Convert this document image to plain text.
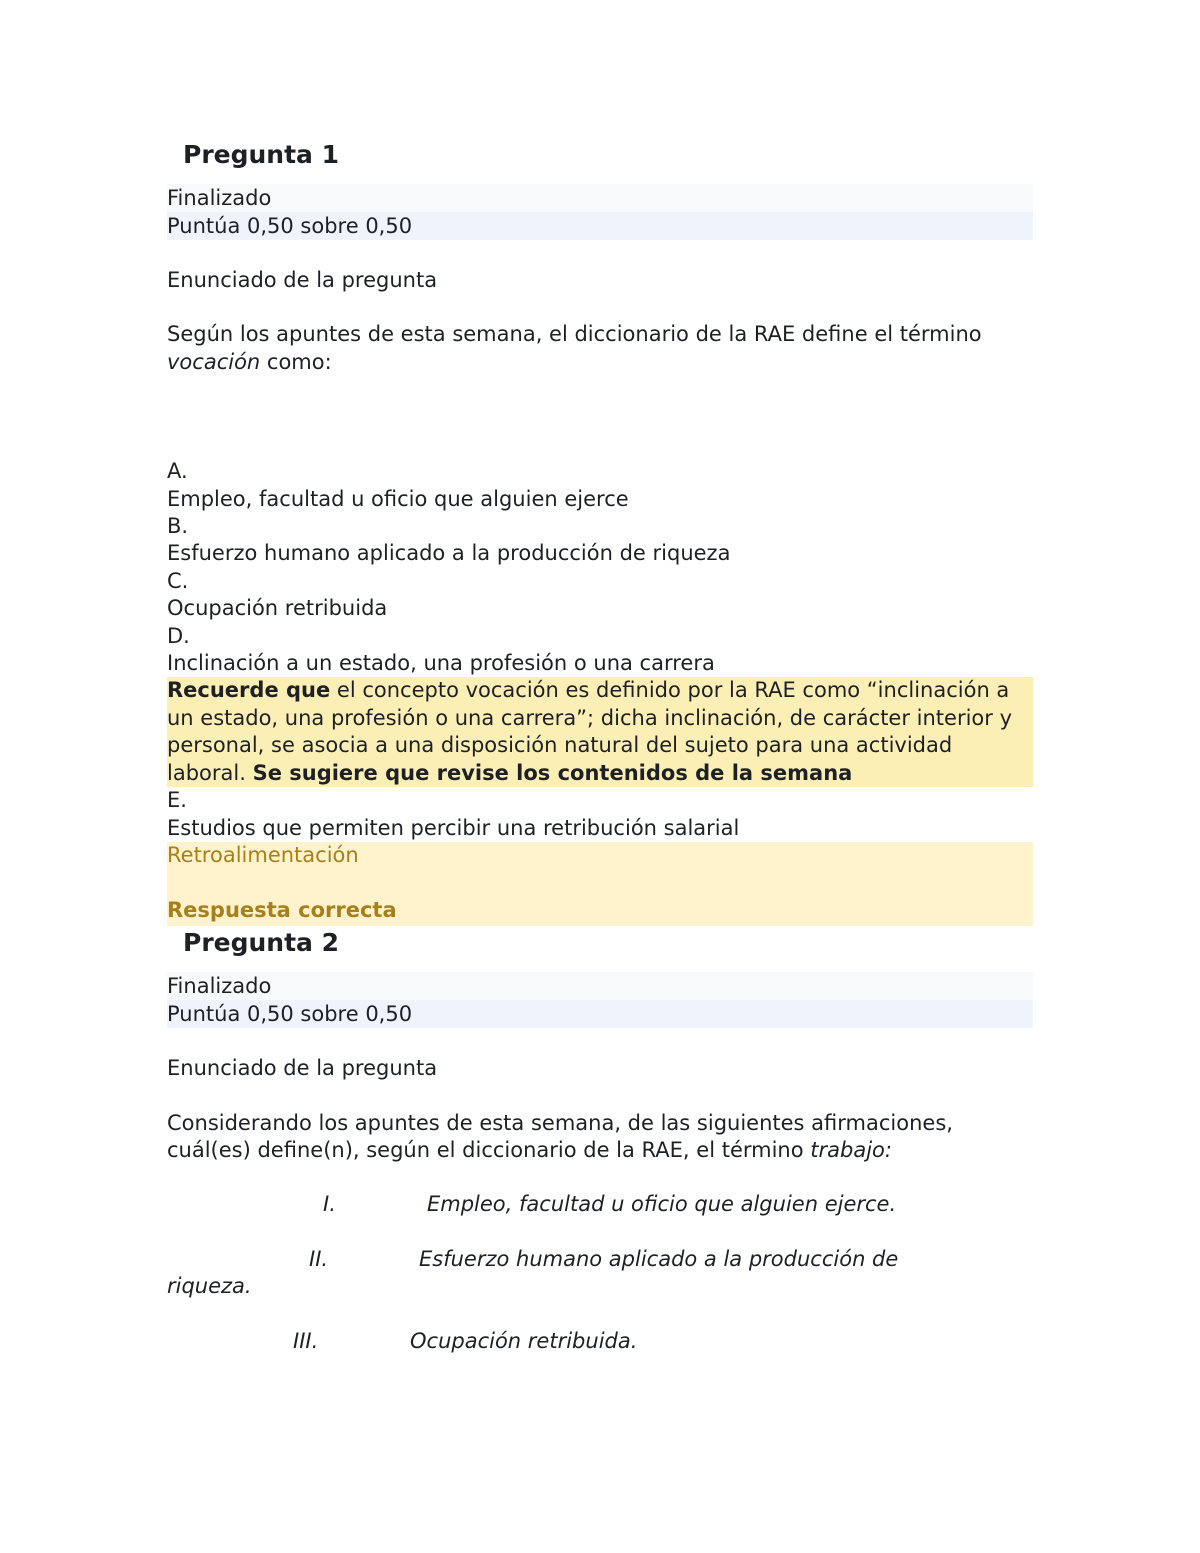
Pregunta 1
Finalizado
Puntúa 0,50 sobre 0,50
Enunciado de la pregunta
Según los apuntes de esta semana, el diccionario de la RAE define el término vocación como:
A.
Empleo, facultad u oficio que alguien ejerce
B.
Esfuerzo humano aplicado a la producción de riqueza
C.
Ocupación retribuida
D.
Inclinación a un estado, una profesión o una carrera
Recuerde que el concepto vocación es definido por la RAE como “inclinación a un estado, una profesión o una carrera”; dicha inclinación, de carácter interior y personal, se asocia a una disposición natural del sujeto para una actividad laboral. Se sugiere que revise los contenidos de la semana
E.
Estudios que permiten percibir una retribución salarial
Retroalimentación
Respuesta correcta
Pregunta 2
Finalizado
Puntúa 0,50 sobre 0,50
Enunciado de la pregunta
Considerando los apuntes de esta semana, de las siguientes afirmaciones, cuál(es) define(n), según el diccionario de la RAE, el término trabajo:
I.	Empleo, facultad u oficio que alguien ejerce.
II.	Esfuerzo humano aplicado a la producción de
riqueza.
III.	Ocupación retribuida.
